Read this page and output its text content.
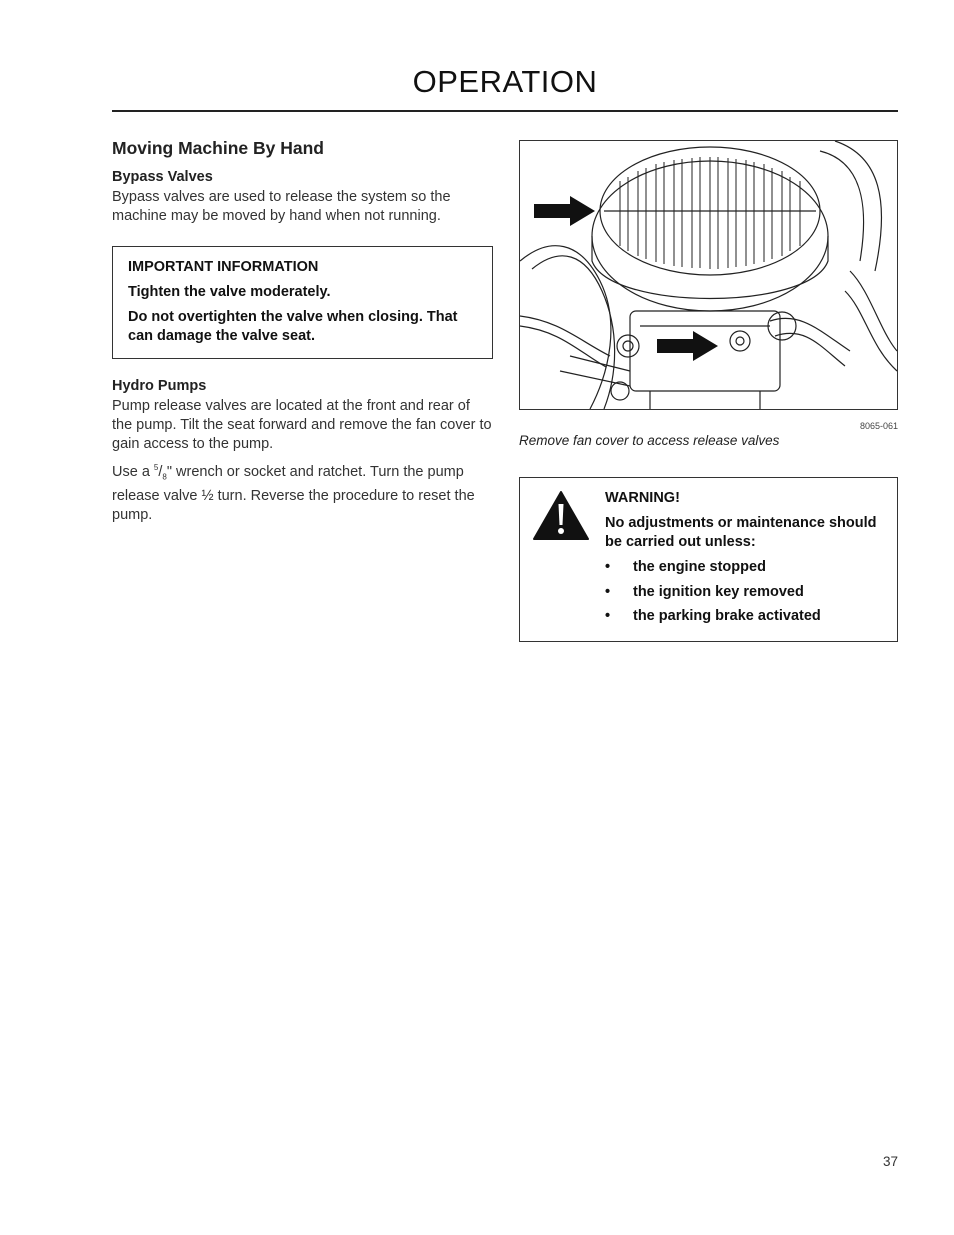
OPERATION
Moving Machine By Hand
Bypass Valves

Bypass valves are used to release the system so the machine may be moved by hand when not running.

IMPORTANT INFORMATION

Tighten the valve moderately.

Do not overtighten the valve when closing. That can damage the valve seat.

Hydro Pumps

Pump release valves are located at the front and rear of the pump. Tilt the seat forward and remove the fan cover to gain access to the pump.

Use a $^5/_8$" wrench or socket and ratchet. Turn the pump release valve ½ turn. Reverse the procedure to reset the pump.

8065-061
Remove fan cover to access release valves

WARNING!

No adjustments or maintenance should be carried out unless:

• the engine stopped
• the ignition key removed
• the parking brake activated
37
